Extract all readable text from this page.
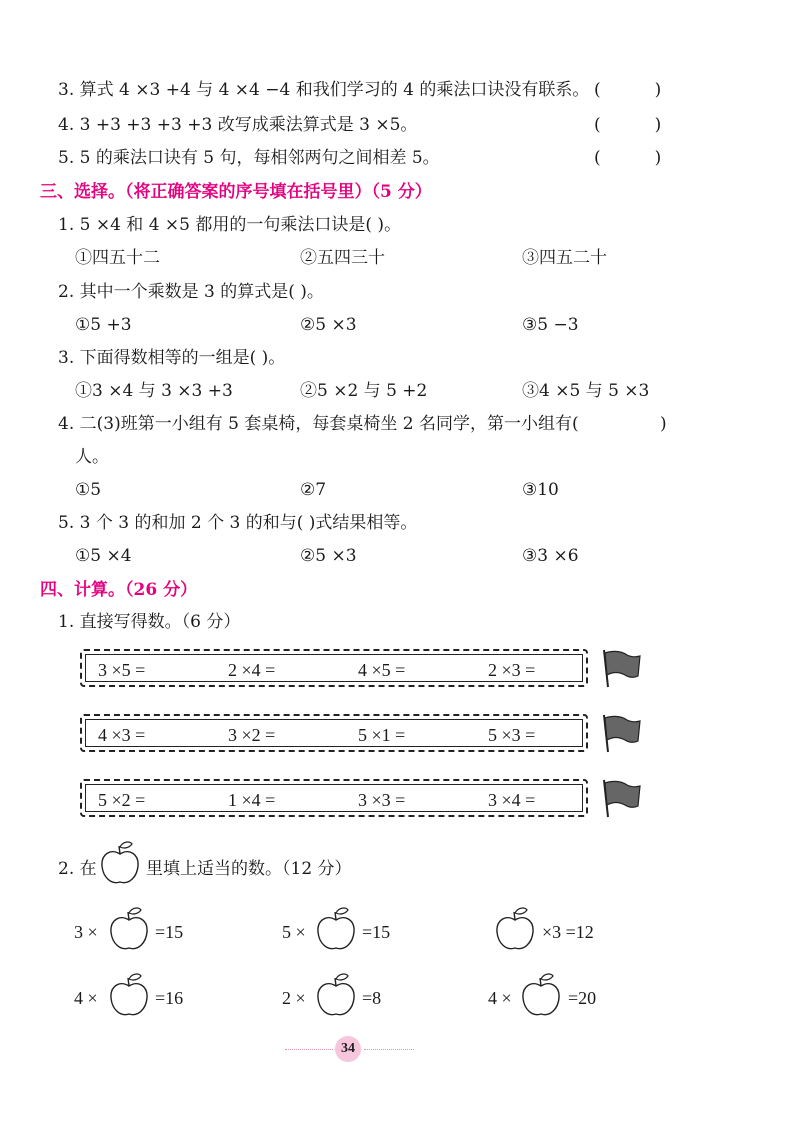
3. 算式 4 ×3 +4 与 4 ×4 −4 和我们学习的 4 的乘法口诀没有联系。 (          )
4. 3 +3 +3 +3 +3 改写成乘法算式是 3 ×5。	(          )
5. 5 的乘法口诀有 5 句，每相邻两句之间相差 5。	(          )
三、选择。（将正确答案的序号填在括号里）（5 分）
1. 5 ×4 和 4 ×5 都用的一句乘法口诀是( )。
①四五十二	②五四三十	③四五二十
2. 其中一个乘数是 3 的算式是( )。
①5 +3	②5 ×3	③5 −3
3. 下面得数相等的一组是( )。
①3 ×4 与 3 ×3 +3	②5 ×2 与 5 +2	③4 ×5 与 5 ×3
4. 二(3)班第一小组有 5 套桌椅，每套桌椅坐 2 名同学，第一小组有(	)
人。
①5	②7	③10
5. 3 个 3 的和加 2 个 3 的和与( )式结果相等。
①5 ×4	②5 ×3	③3 ×6
四、计算。（26 分）
1. 直接写得数。（6 分）
3 ×5 =	2 ×4 =	4 ×5 =	2 ×3 =
4 ×3 =	3 ×2 =	5 ×1 =	5 ×3 =
5 ×2 =	1 ×4 =	3 ×3 =	3 ×4 =
2. 在	里填上适当的数。（12 分）
3 ×	=15	5 ×	=15	×3 =12
4 ×	=16	2 ×	=8	4 ×	=20
34
